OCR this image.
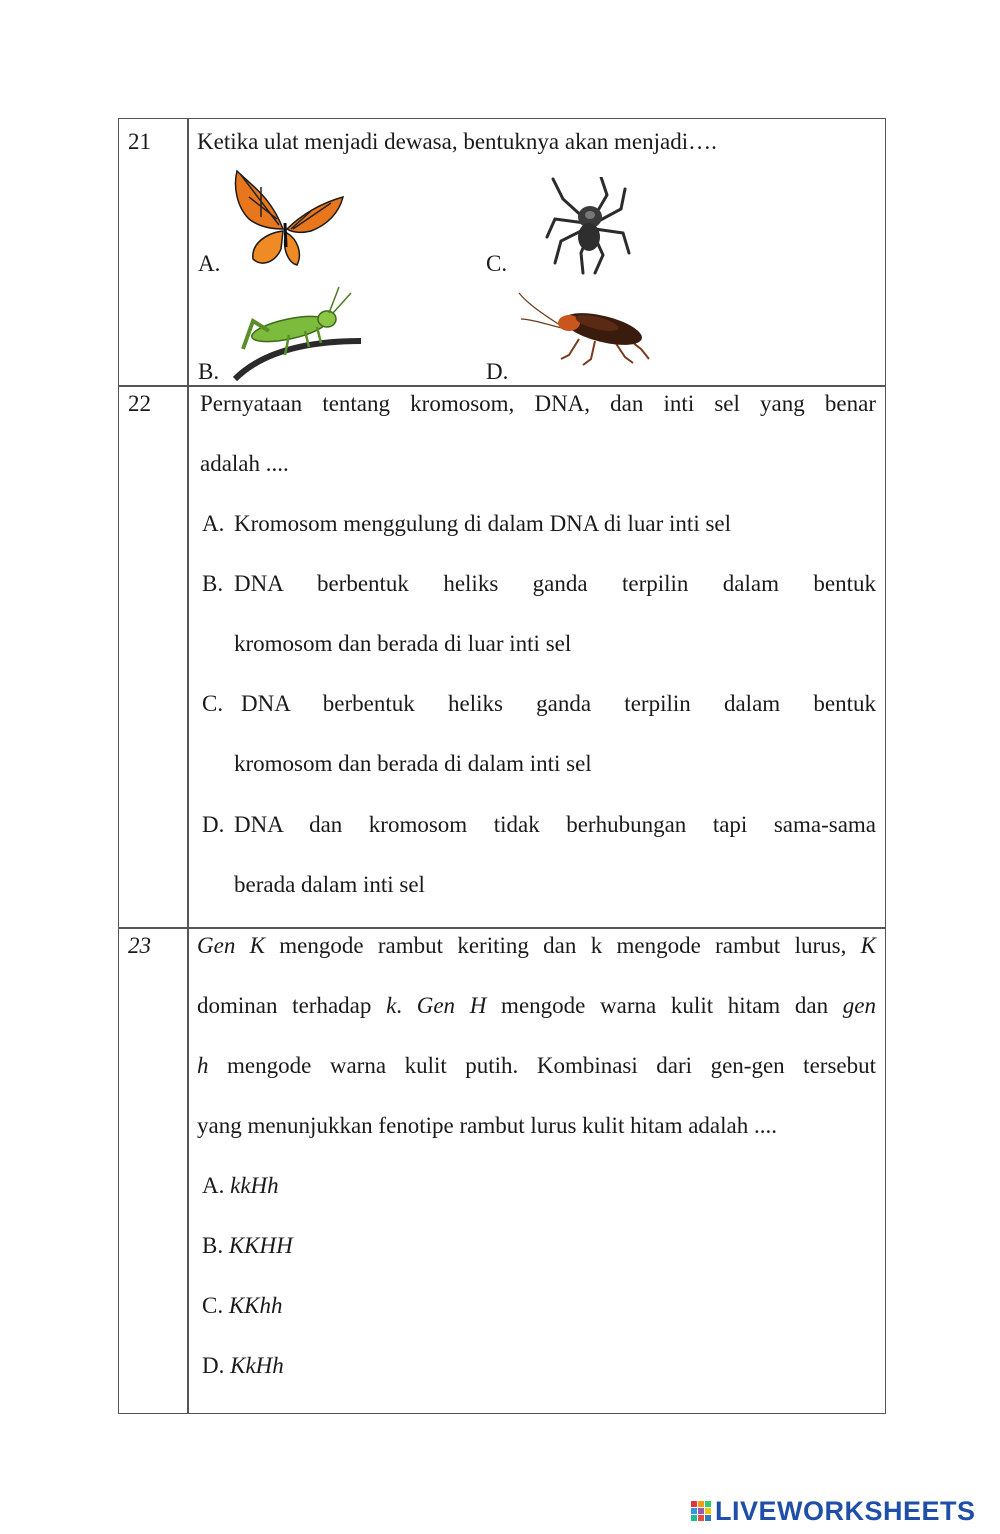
21 Ketika ulat menjadi dewasa, bentuknya akan menjadi….
A.
B.
C.
D.
22 Pernyataan tentang kromosom, DNA, dan inti sel yang benar
adalah ....
A. Kromosom menggulung di dalam DNA di luar inti sel
B. DNA berbentuk heliks ganda terpilin dalam bentuk
kromosom dan berada di luar inti sel
C. DNA berbentuk heliks ganda terpilin dalam bentuk
kromosom dan berada di dalam inti sel
D. DNA dan kromosom tidak berhubungan tapi sama-sama
berada dalam inti sel
23 Gen K mengode rambut keriting dan k mengode rambut lurus, K
dominan terhadap k. Gen H mengode warna kulit hitam dan gen
h mengode warna kulit putih. Kombinasi dari gen-gen tersebut
yang menunjukkan fenotipe rambut lurus kulit hitam adalah ....
A. kkHh
B. KKHH
C. KKhh
D. KkHh
LIVEWORKSHEETS
